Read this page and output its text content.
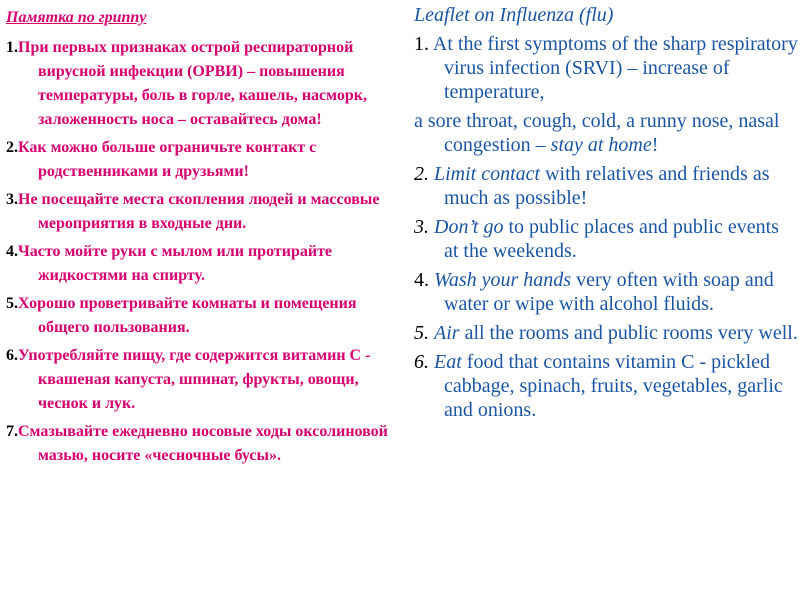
Памятка по гриппу
1.При первых признаках острой респираторной вирусной инфекции (ОРВИ) – повышения температуры, боль в горле, кашель, насморк, заложенность носа – оставайтесь дома!
2.Как можно больше ограничьте контакт с родственниками и друзьями!
3.Не посещайте места скопления людей и массовые мероприятия в входные дни.
4.Часто мойте руки с мылом или протирайте жидкостями на спирту.
5.Хорошо проветривайте комнаты и помещения общего пользования.
6.Употребляйте пищу, где содержится витамин С - квашеная капуста, шпинат, фрукты, овощи, чеснок и лук.
7.Смазывайте ежедневно носовые ходы оксолиновой мазью, носите «чесночные бусы».
Leaflet on Influenza (flu)
1. At the first symptoms of the sharp respiratory virus infection (SRVI) – increase of temperature,
a sore throat, cough, cold, a runny nose, nasal congestion – stay at home!
2. Limit contact with relatives and friends as much as possible!
3. Don’t go to public places and public events at the weekends.
4. Wash your hands very often with soap and water or wipe with alcohol fluids.
5. Air all the rooms and public rooms very well.
6. Eat food that contains vitamin C - pickled cabbage, spinach, fruits, vegetables, garlic and onions.
